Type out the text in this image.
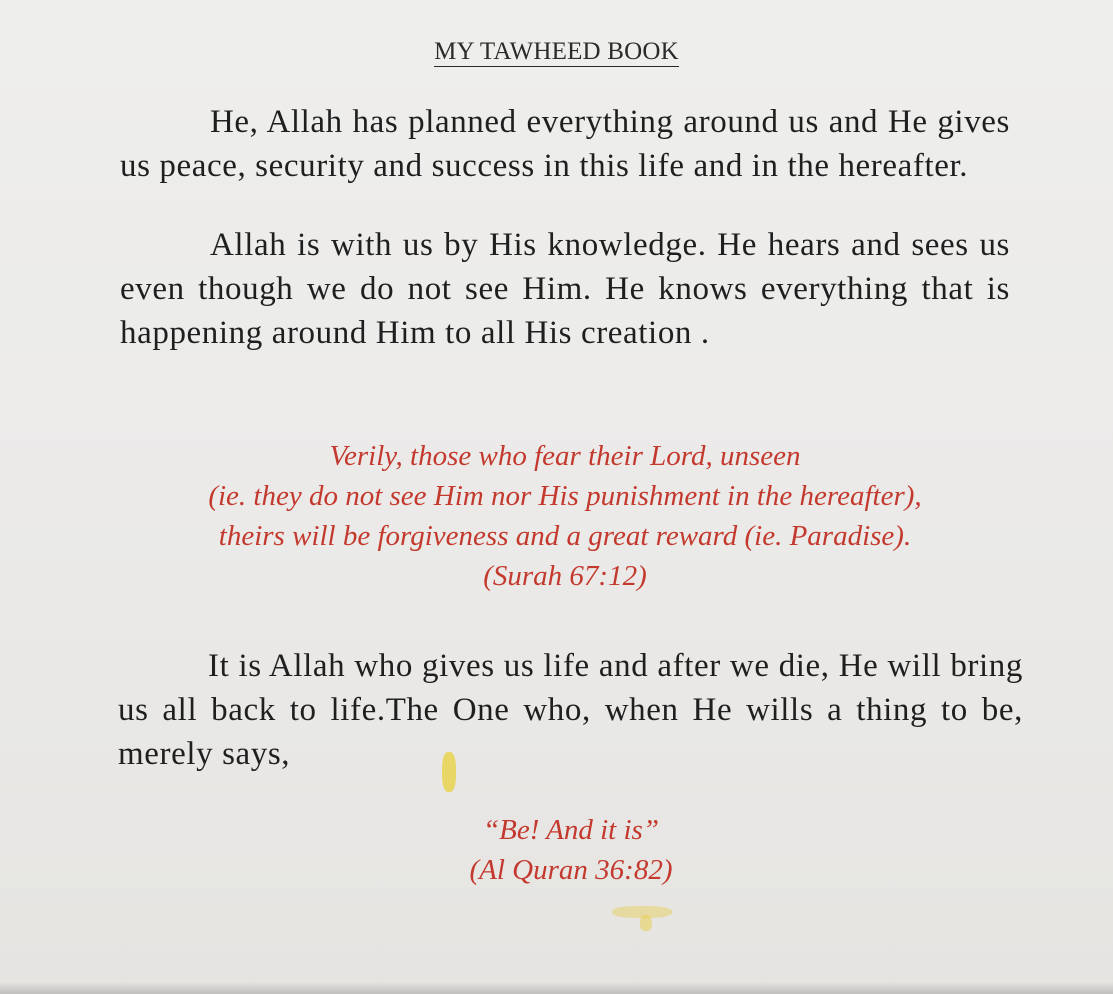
MY TAWHEED BOOK
He, Allah has planned everything around us and He gives us peace, security and success in this life and in the hereafter.
Allah is with us by His knowledge. He hears and sees us even though we do not see Him. He knows everything that is happening around Him to all His creation .
Verily, those who fear their Lord, unseen
(ie. they do not see Him nor His punishment in the hereafter),
theirs will be forgiveness and a great reward (ie. Paradise).
(Surah 67:12)
It is Allah who gives us life and after we die, He will bring us all back to life.The One who, when He wills a thing to be, merely says,
“Be! And it is”
(Al Quran 36:82)
